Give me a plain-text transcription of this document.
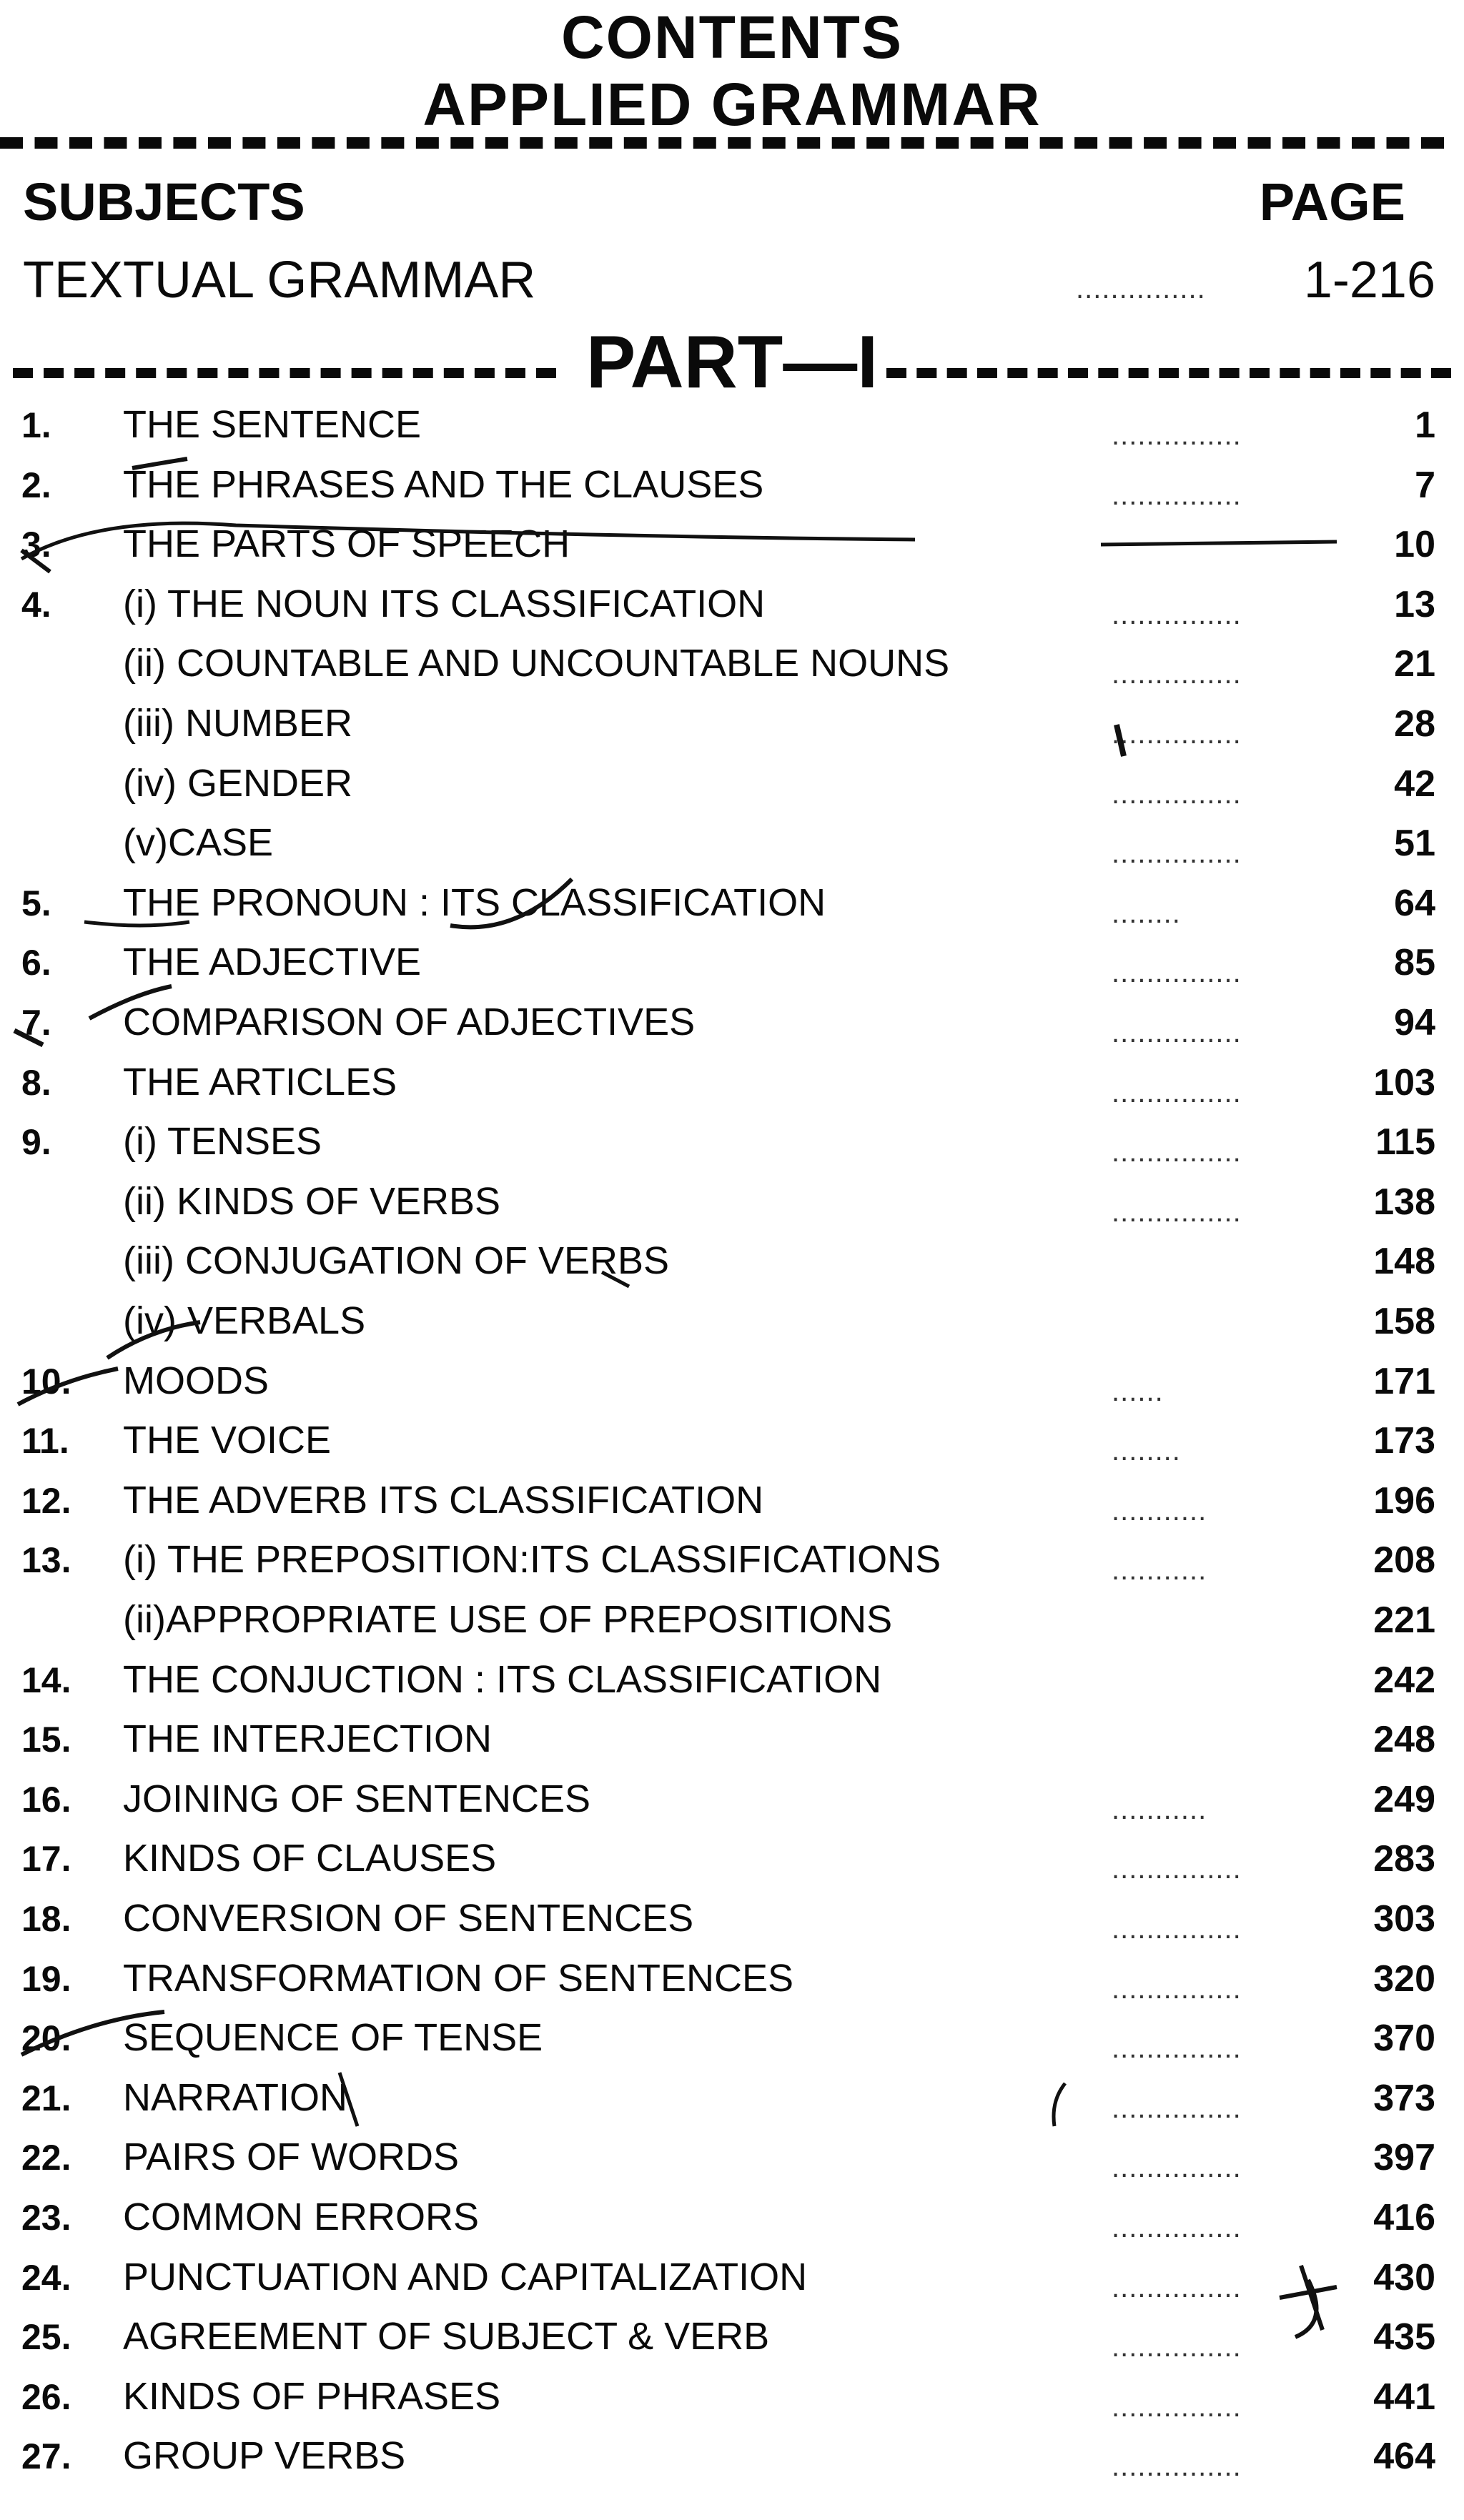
CONTENTS
APPLIED GRAMMAR
SUBJECTS	PAGE
TEXTUAL GRAMMAR	............... 1-216
PART—I
1.	THE SENTENCE	...............	1
2.	THE PHRASES AND THE CLAUSES	...............	7
3.	THE PARTS OF SPEECH	10
4.	(i) THE NOUN ITS CLASSIFICATION	...............	13
(ii) COUNTABLE AND UNCOUNTABLE NOUNS	...............	21
(iii) NUMBER	...............	28
(iv) GENDER	...............	42
(v)CASE	...............	51
5.	THE PRONOUN : ITS CLASSIFICATION	........	64
6.	THE ADJECTIVE	...............	85
7.	COMPARISON OF ADJECTIVES	...............	94
8.	THE ARTICLES	...............	103
9.	(i) TENSES	...............	115
(ii) KINDS OF VERBS	...............	138
(iii) CONJUGATION OF VERBS	148
(iv) VERBALS	158
10.	MOODS	......	171
11.	THE VOICE	........	173
12.	THE ADVERB ITS CLASSIFICATION	...........	196
13.	(i) THE PREPOSITION:ITS CLASSIFICATIONS	...........	208
(ii)APPROPRIATE USE OF PREPOSITIONS	221
14.	THE CONJUCTION : ITS CLASSIFICATION	242
15.	THE INTERJECTION	248
16.	JOINING OF SENTENCES	...........	249
17.	KINDS OF CLAUSES	...............	283
18.	CONVERSION OF SENTENCES	...............	303
19.	TRANSFORMATION OF SENTENCES	...............	320
20.	SEQUENCE OF TENSE	...............	370
21.	NARRATION	...............	373
22.	PAIRS OF WORDS	...............	397
23.	COMMON ERRORS	...............	416
24.	PUNCTUATION AND CAPITALIZATION	...............	430
25.	AGREEMENT OF SUBJECT & VERB	...............	435
26.	KINDS OF PHRASES	...............	441
27.	GROUP VERBS	...............	464
